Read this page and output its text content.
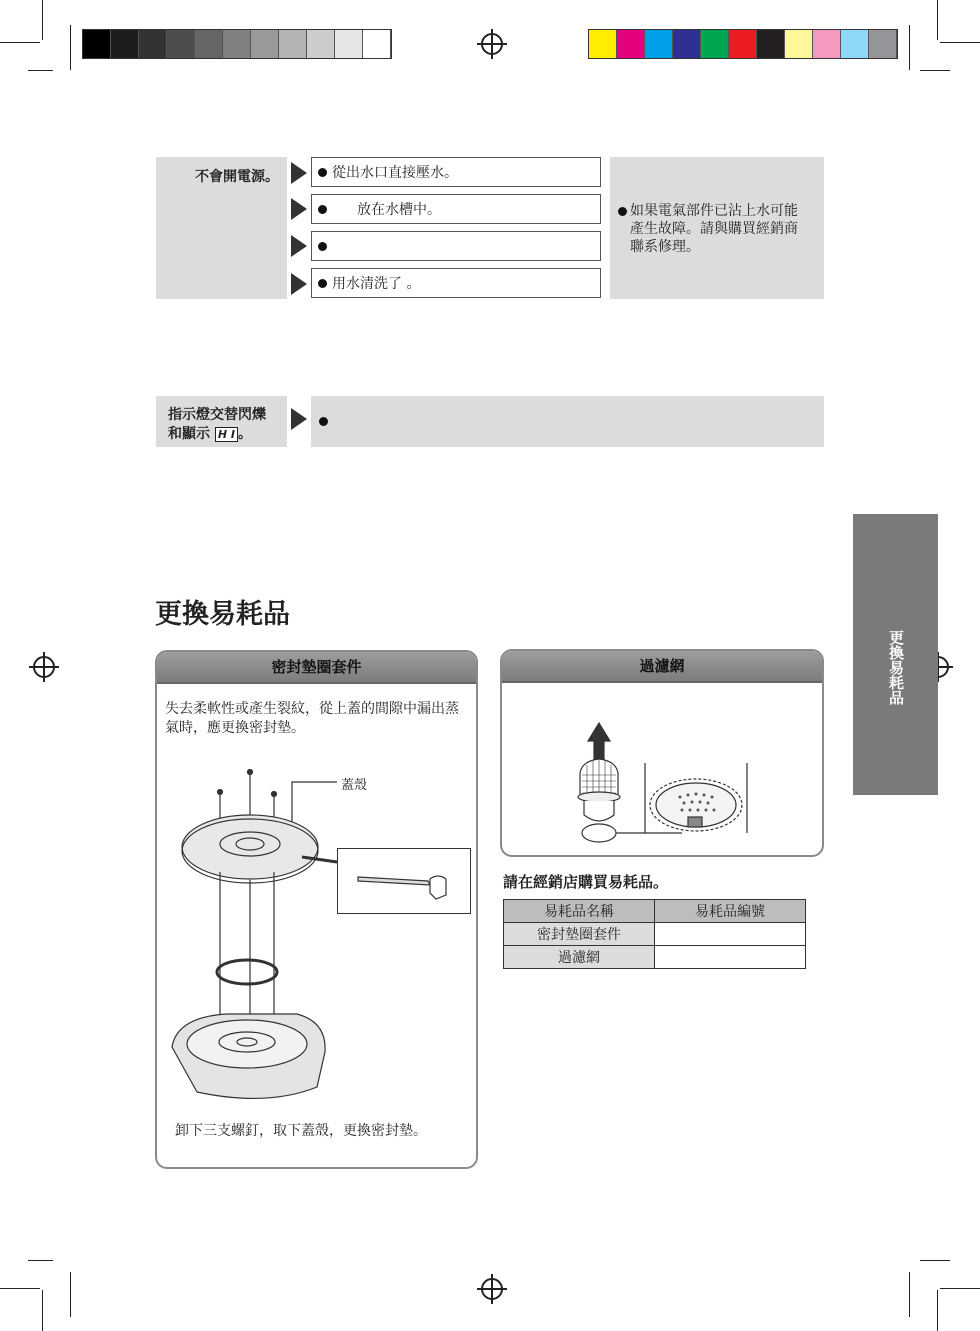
不會開電源。	從出水口直接壓水。
放在水槽中。
用水清洗了 。
如果電氣部件已沾上水可能產生故障。請與購買經銷商聯系修理。
指示燈交替閃爍
和顯示 H I 。
更換易耗品
更換易耗品
密封墊圈套件
失去柔軟性或產生裂紋，從上蓋的間隙中漏出蒸氣時，應更換密封墊。
蓋殼
卸下三支螺釘，取下蓋殼，更換密封墊。
過濾網
請在經銷店購買易耗品。
易耗品名稱	易耗品編號
密封墊圈套件	
過濾網	
